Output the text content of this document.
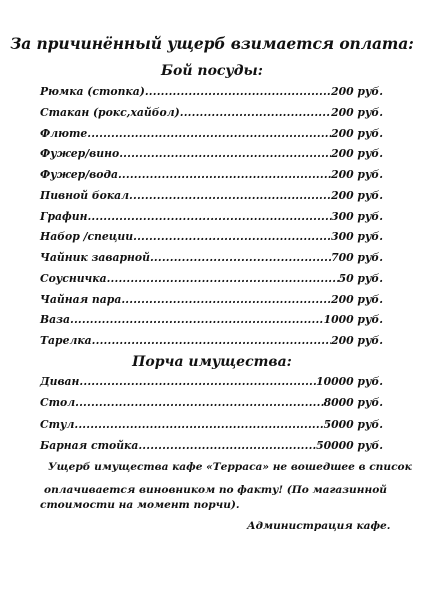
За причинённый ущерб взимается оплата:
Бой посуды:
Рюмка (стопка) .....	200 руб.
Стакан (рокс,хайбол) .....	200 руб.
Флюте .....	200 руб.
Фужер/вино .....	200 руб.
Фужер/вода .....	200 руб.
Пивной бокал .....	200 руб.
Графин .....	300 руб.
Набор /специи .....	300 руб.
Чайник заварной .....	700 руб.
Соусничка .....	50 руб.
Чайная пара .....	200 руб.
Ваза .....	1000 руб.
Тарелка .....	200 руб.
Порча имущества:
Диван .....	10000 руб.
Стол .....	8000 руб.
Стул .....	5000 руб.
Барная стойка .....	50000 руб.
Ущерб имущества кафе «Терраса» не вошедшее в список
оплачивается виновником по факту! (По магазинной
стоимости на момент порчи).
Администрация кафе.
